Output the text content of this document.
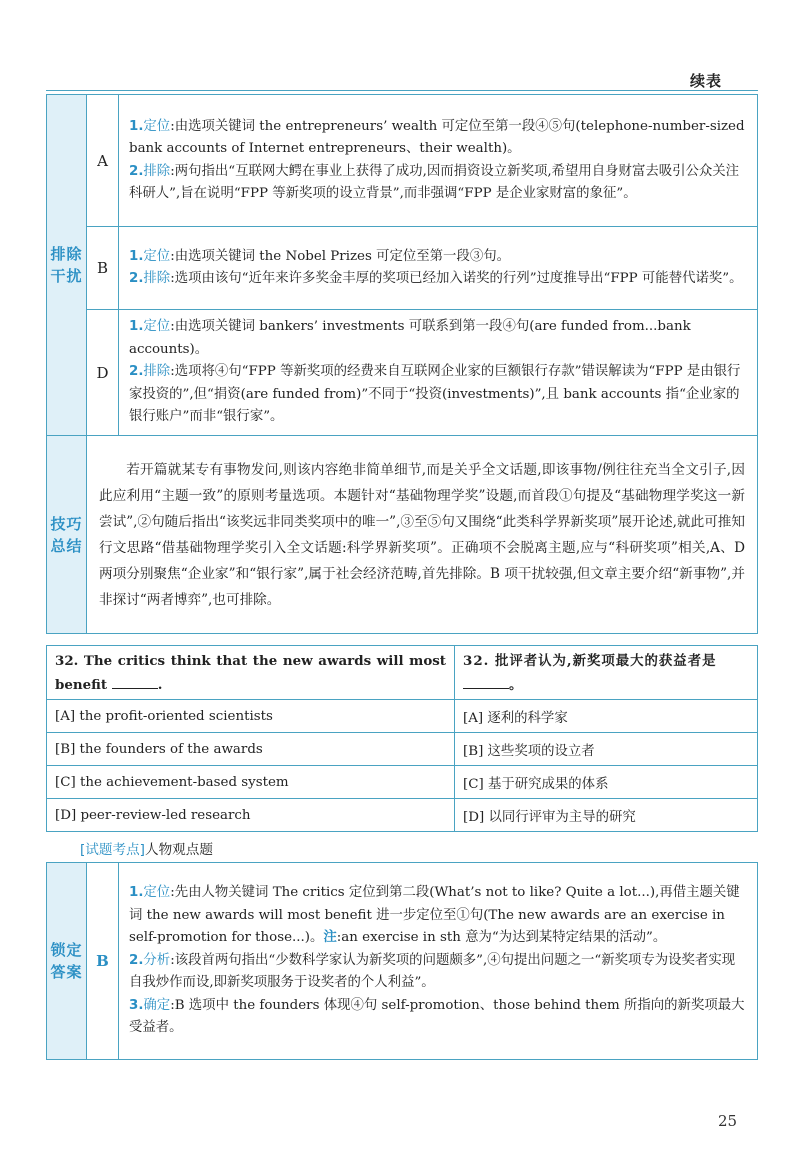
续表
排除干扰	A	1.定位:由选项关键词 the entrepreneurs’ wealth 可定位至第一段④⑤句(telephone-number-sized bank accounts of Internet entrepreneurs、their wealth)。

2.排除:两句指出“互联网大鳄在事业上获得了成功,因而捐资设立新奖项,希望用自身财富去吸引公众关注科研人”,旨在说明“FPP 等新奖项的设立背景”,而非强调“FPP 是企业家财富的象征”。

	B	1.定位:由选项关键词 the Nobel Prizes 可定位至第一段③句。

2.排除:选项由该句“近年来许多奖金丰厚的奖项已经加入诺奖的行列”过度推导出“FPP 可能替代诺奖”。

	D	1.定位:由选项关键词 bankers’ investments 可联系到第一段④句(are funded from...bank accounts)。

2.排除:选项将④句“FPP 等新奖项的经费来自互联网企业家的巨额银行存款”错误解读为“FPP 是由银行家投资的”,但“捐资(are funded from)”不同于“投资(investments)”,且 bank accounts 指“企业家的银行账户”而非“银行家”。

技巧总结	若开篇就某专有事物发问,则该内容绝非简单细节,而是关乎全文话题,即该事物/例往往充当全文引子,因此应利用“主题一致”的原则考量选项。本题针对“基础物理学奖”设题,而首段①句提及“基础物理学奖这一新尝试”,②句随后指出“该奖远非同类奖项中的唯一”,③至⑤句又围绕“此类科学界新奖项”展开论述,就此可推知行文思路“借基础物理学奖引入全文话题:科学界新奖项”。正确项不会脱离主题,应与“科研奖项”相关,A、D 两项分别聚焦“企业家”和“银行家”,属于社会经济范畴,首先排除。B 项干扰较强,但文章主要介绍“新事物”,并非探讨“两者博弈”,也可排除。	
32. The critics think that the new awards will most benefit .	32. 批评者认为,新奖项最大的获益者是。
[A] the profit-oriented scientists	[A] 逐利的科学家
[B] the founders of the awards	[B] 这些奖项的设立者
[C] the achievement-based system	[C] 基于研究成果的体系
[D] peer-review-led research	[D] 以同行评审为主导的研究
[试题考点]人物观点题
锁定答案	B	

1.定位:先由人物关键词 The critics 定位到第二段(What’s not to like? Quite a lot...),再借主题关键词 the new awards will most benefit 进一步定位至①句(The new awards are an exercise in self-promotion for those...)。注:an exercise in sth 意为“为达到某特定结果的活动”。

2.分析:该段首两句指出“少数科学家认为新奖项的问题颇多”,④句提出问题之一“新奖项专为设奖者实现自我炒作而设,即新奖项服务于设奖者的个人利益”。

3.确定:B 选项中 the founders 体现④句 self-promotion、those behind them 所指向的新奖项最大受益者。

25
